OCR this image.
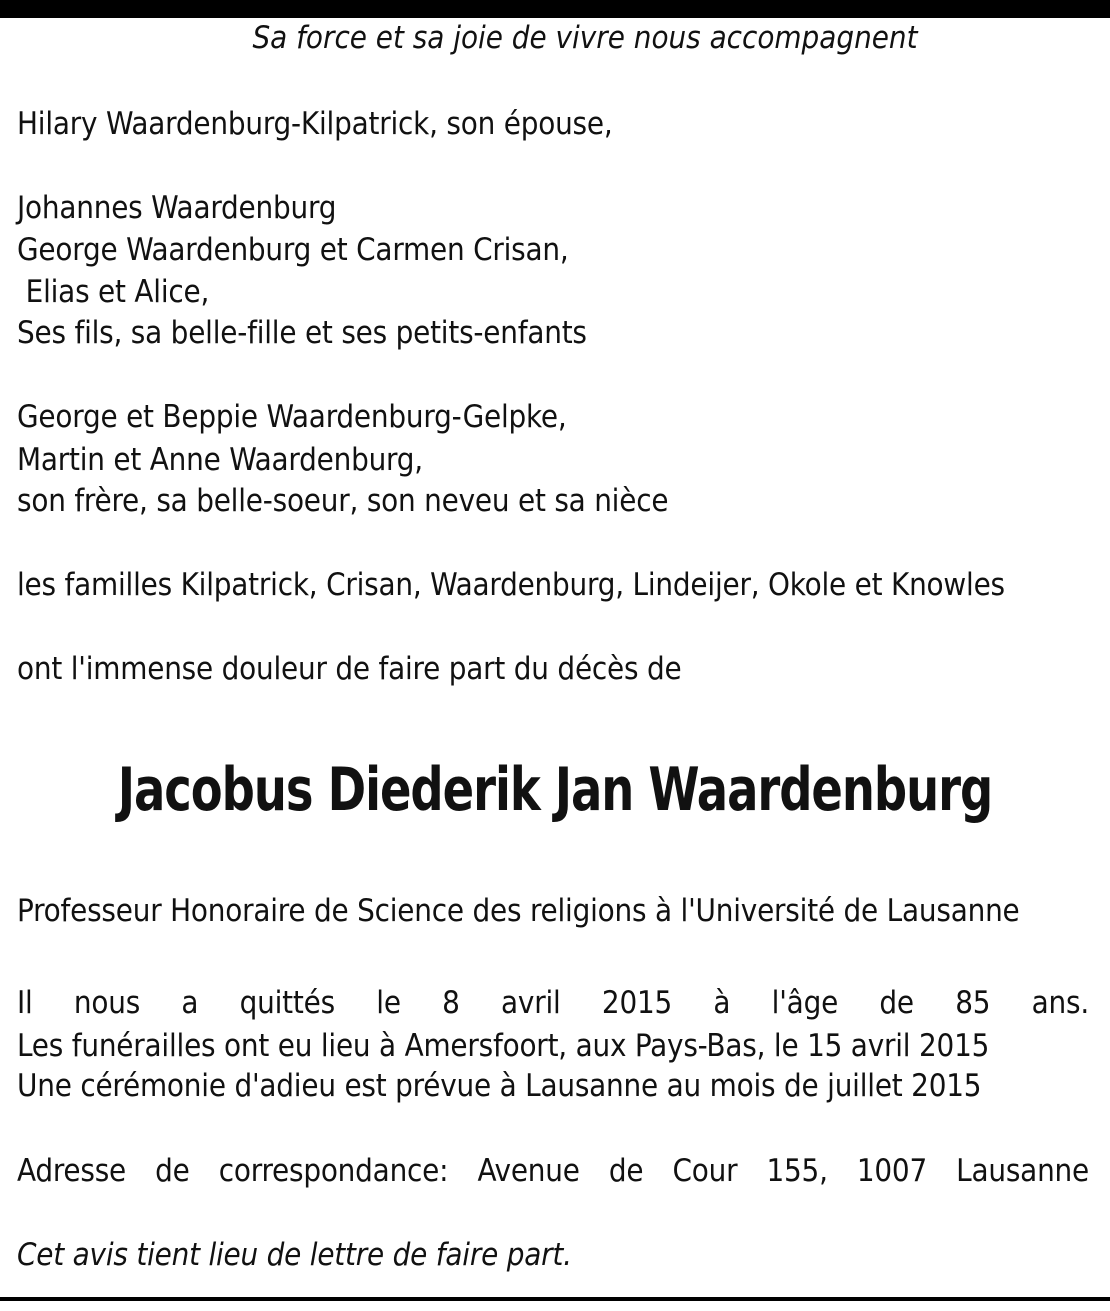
Sa force et sa joie de vivre nous accompagnent
Hilary Waardenburg-Kilpatrick, son épouse,
Johannes Waardenburg
George Waardenburg et Carmen Crisan,
Elias et Alice,
Ses fils, sa belle-fille et ses petits-enfants
George et Beppie Waardenburg-Gelpke,
Martin et Anne Waardenburg,
son frère, sa belle-soeur, son neveu et sa nièce
les familles Kilpatrick, Crisan, Waardenburg, Lindeijer, Okole et Knowles
ont l'immense douleur de faire part du décès de
Jacobus Diederik Jan Waardenburg
Professeur Honoraire de Science des religions à l'Université de Lausanne
Il nous a quittés le 8 avril 2015 à l'âge de 85 ans.
Les funérailles ont eu lieu à Amersfoort, aux Pays-Bas, le 15 avril 2015
Une cérémonie d'adieu est prévue à Lausanne au mois de juillet 2015
Adresse de correspondance: Avenue de Cour 155, 1007 Lausanne
Cet avis tient lieu de lettre de faire part.
